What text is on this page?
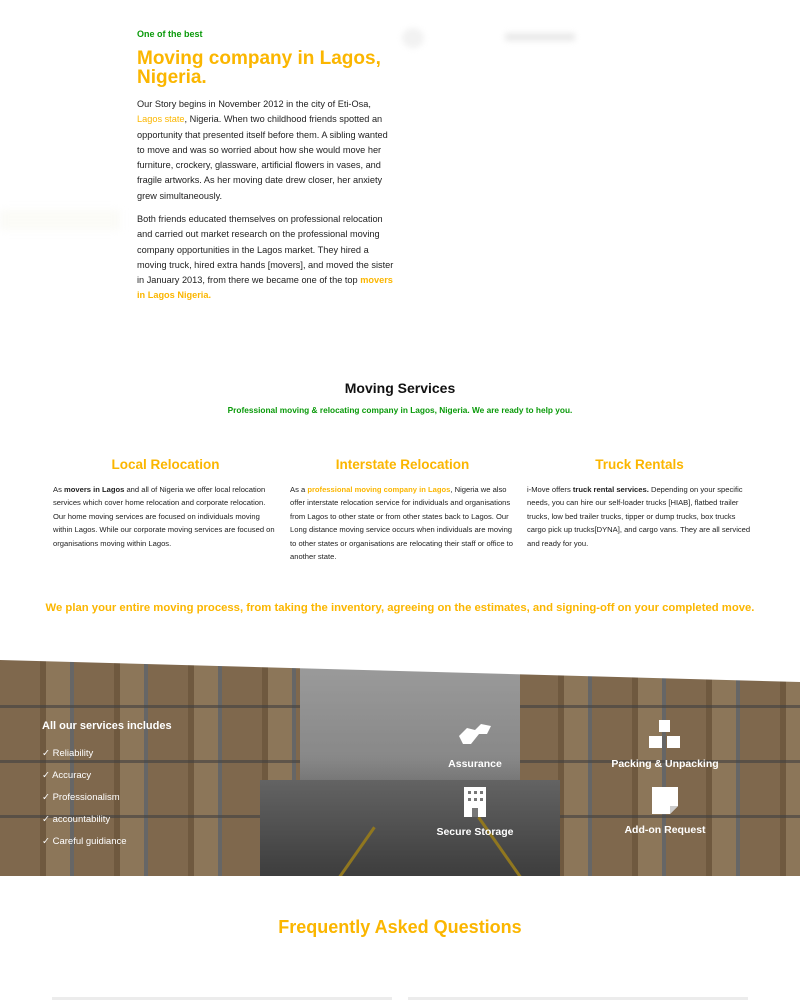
One of the best
Moving company in Lagos, Nigeria.

Our Story begins in November 2012 in the city of Eti-Osa, Lagos state, Nigeria. When two childhood friends spotted an opportunity that presented itself before them. A sibling wanted to move and was so worried about how she would move her furniture, crockery, glassware, artificial flowers in vases, and fragile artworks. As her moving date drew closer, her anxiety grew simultaneously.

Both friends educated themselves on professional relocation and carried out market research on the professional moving company opportunities in the Lagos market. They hired a moving truck, hired extra hands [movers], and moved the sister in January 2013, from there we became one of the top movers in Lagos Nigeria.

Moving Services
Professional moving & relocating company in Lagos, Nigeria. We are ready to help you.
Local Relocation

As movers in Lagos and all of Nigeria we offer local relocation services which cover home relocation and corporate relocation. Our home moving services are focused on individuals moving within Lagos. While our corporate moving services are focused on organisations moving within Lagos.

Interstate Relocation

As a professional moving company in Lagos, Nigeria we also offer interstate relocation service for individuals and organisations from Lagos to other state or from other states back to Lagos. Our Long distance moving service occurs when individuals are moving to other states or organisations are relocating their staff or office to another state.

Truck Rentals

i-Move offers truck rental services. Depending on your specific needs, you can hire our self-loader trucks [HIAB], flatbed trailer trucks, low bed trailer trucks, tipper or dump trucks, box trucks cargo pick up trucks[DYNA], and cargo vans. They are all serviced and ready for you.

We plan your entire moving process, from taking the inventory, agreeing on the estimates, and signing-off on your completed move.
All our services includes
✓ Reliability
✓ Accuracy
✓ Professionalism
✓ accountability
✓ Careful guidiance
Assurance	Packing & Unpacking
Secure Storage	Add-on Request
Frequently Asked Questions
